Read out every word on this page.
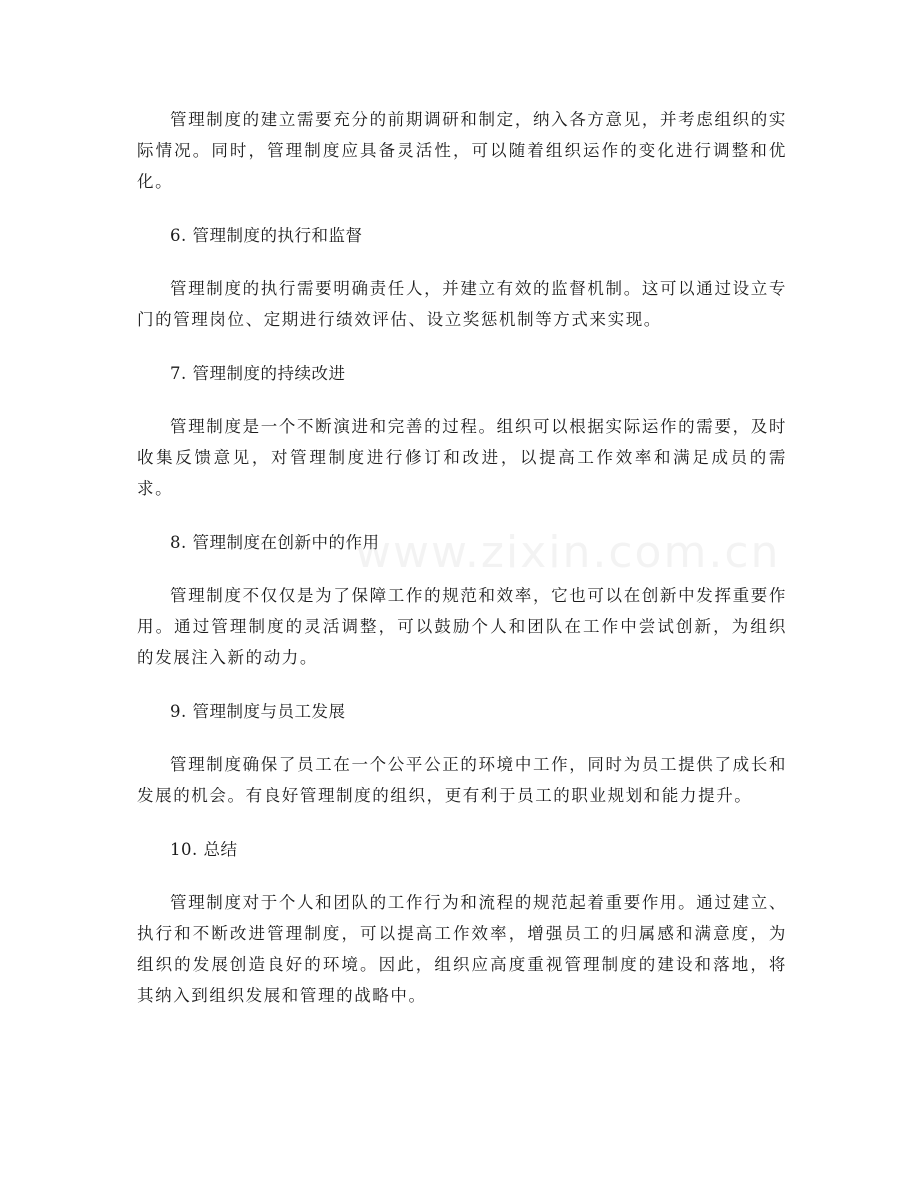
管理制度的建立需要充分的前期调研和制定，纳入各方意见，并考虑组织的实际情况。同时，管理制度应具备灵活性，可以随着组织运作的变化进行调整和优化。

6. 管理制度的执行和监督

管理制度的执行需要明确责任人，并建立有效的监督机制。这可以通过设立专门的管理岗位、定期进行绩效评估、设立奖惩机制等方式来实现。

7. 管理制度的持续改进

管理制度是一个不断演进和完善的过程。组织可以根据实际运作的需要，及时收集反馈意见，对管理制度进行修订和改进，以提高工作效率和满足成员的需求。

8. 管理制度在创新中的作用

管理制度不仅仅是为了保障工作的规范和效率，它也可以在创新中发挥重要作用。通过管理制度的灵活调整，可以鼓励个人和团队在工作中尝试创新，为组织的发展注入新的动力。

9. 管理制度与员工发展

管理制度确保了员工在一个公平公正的环境中工作，同时为员工提供了成长和发展的机会。有良好管理制度的组织，更有利于员工的职业规划和能力提升。

10. 总结

管理制度对于个人和团队的工作行为和流程的规范起着重要作用。通过建立、执行和不断改进管理制度，可以提高工作效率，增强员工的归属感和满意度，为组织的发展创造良好的环境。因此，组织应高度重视管理制度的建设和落地，将其纳入到组织发展和管理的战略中。

www.zixin.com.cn
